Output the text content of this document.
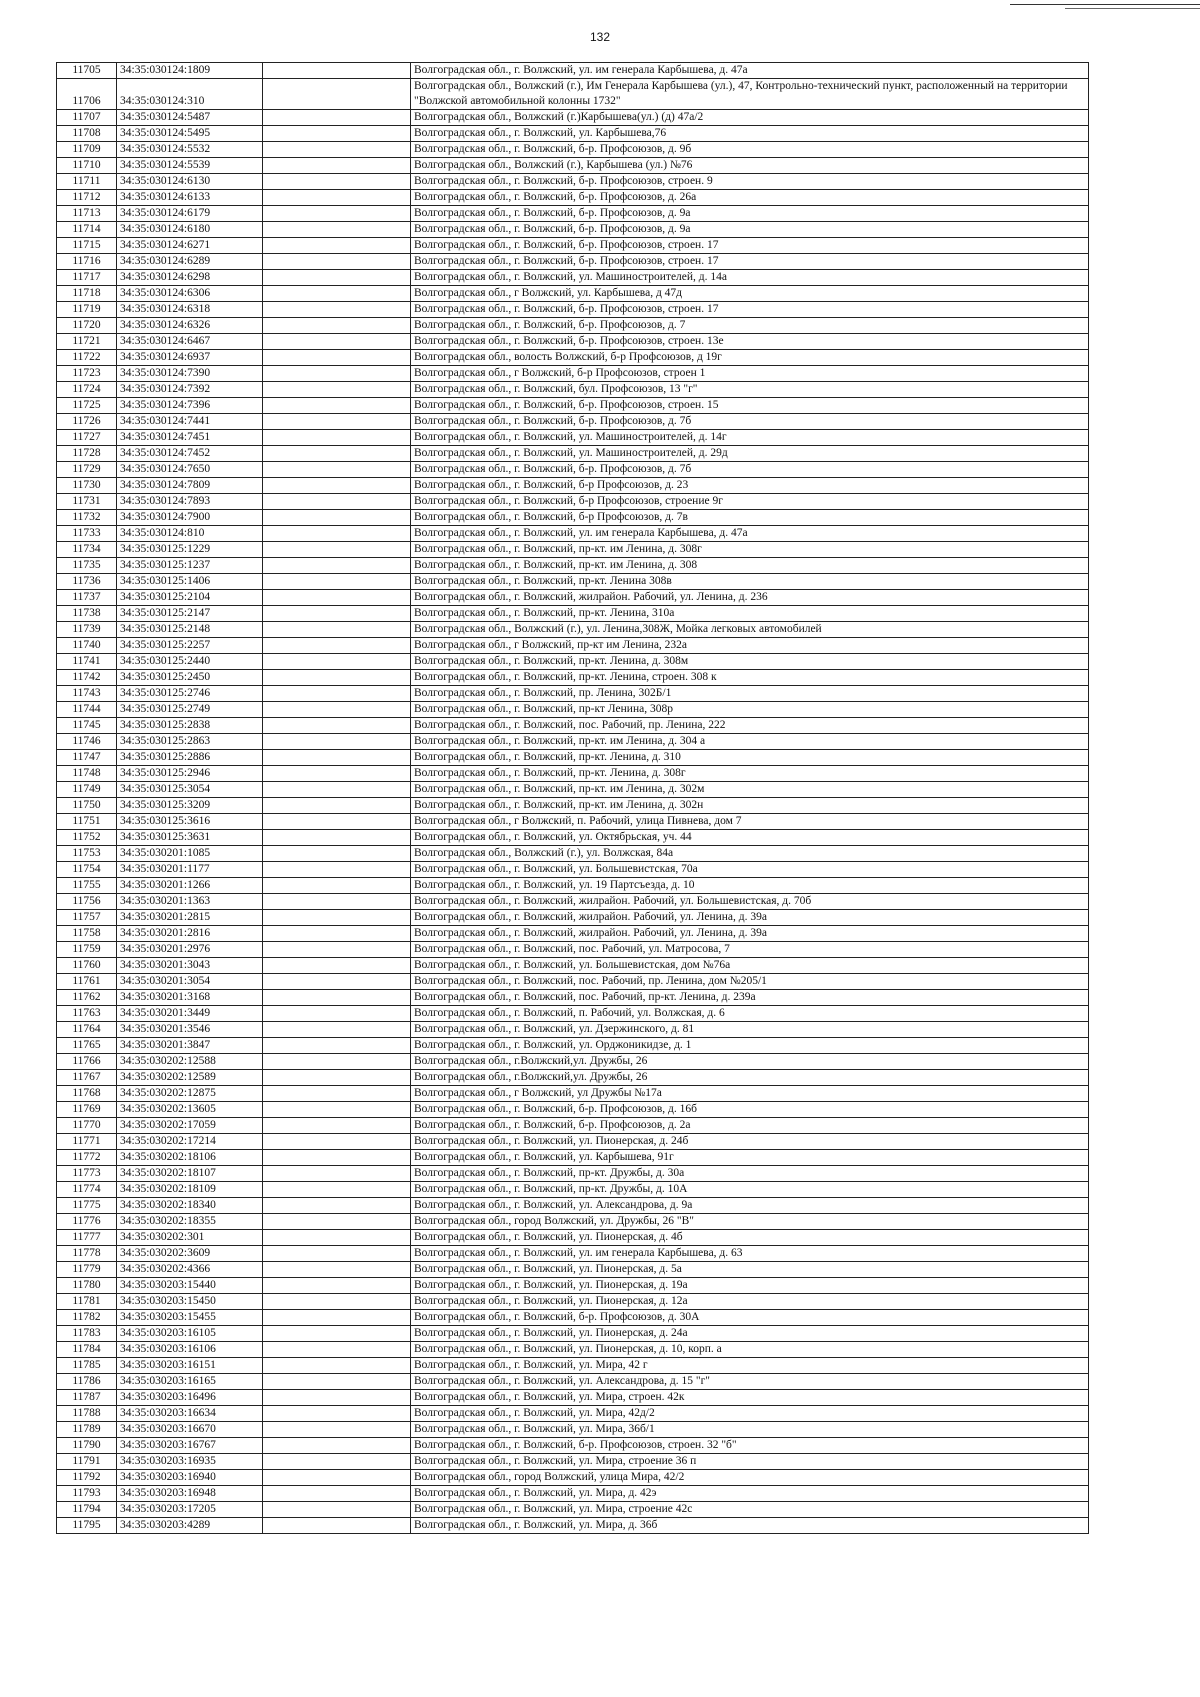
132
11705	34:35:030124:1809		Волгоградская обл., г. Волжский, ул. им генерала Карбышева, д. 47а
11706	34:35:030124:310		Волгоградская обл., Волжский (г.), Им Генерала Карбышева (ул.), 47, Контрольно-технический пункт, расположенный на территории "Волжской автомобильной колонны 1732"
11707	34:35:030124:5487		Волгоградская обл., Волжский (г.)Карбышева(ул.) (д) 47а/2
11708	34:35:030124:5495		Волгоградская обл., г. Волжский, ул. Карбышева,76
11709	34:35:030124:5532		Волгоградская обл., г. Волжский, б-р. Профсоюзов, д. 9б
11710	34:35:030124:5539		Волгоградская обл., Волжский (г.), Карбышева (ул.) №76
11711	34:35:030124:6130		Волгоградская обл., г. Волжский, б-р. Профсоюзов, строен. 9
11712	34:35:030124:6133		Волгоградская обл., г. Волжский, б-р. Профсоюзов, д. 26а
11713	34:35:030124:6179		Волгоградская обл., г. Волжский, б-р. Профсоюзов, д. 9а
11714	34:35:030124:6180		Волгоградская обл., г. Волжский, б-р. Профсоюзов, д. 9а
11715	34:35:030124:6271		Волгоградская обл., г. Волжский, б-р. Профсоюзов, строен. 17
11716	34:35:030124:6289		Волгоградская обл., г. Волжский, б-р. Профсоюзов, строен. 17
11717	34:35:030124:6298		Волгоградская обл., г. Волжский, ул. Машиностроителей, д. 14а
11718	34:35:030124:6306		Волгоградская обл., г Волжский, ул. Карбышева, д 47д
11719	34:35:030124:6318		Волгоградская обл., г. Волжский, б-р. Профсоюзов, строен. 17
11720	34:35:030124:6326		Волгоградская обл., г. Волжский, б-р. Профсоюзов, д. 7
11721	34:35:030124:6467		Волгоградская обл., г. Волжский, б-р. Профсоюзов, строен. 13е
11722	34:35:030124:6937		Волгоградская обл., волость Волжский, б-р Профсоюзов, д 19г
11723	34:35:030124:7390		Волгоградская обл., г Волжский, б-р Профсоюзов, строен 1
11724	34:35:030124:7392		Волгоградская обл., г. Волжский, бул. Профсоюзов, 13 "г"
11725	34:35:030124:7396		Волгоградская обл., г. Волжский, б-р. Профсоюзов, строен. 15
11726	34:35:030124:7441		Волгоградская обл., г. Волжский, б-р. Профсоюзов, д. 7б
11727	34:35:030124:7451		Волгоградская обл., г. Волжский, ул. Машиностроителей, д. 14г
11728	34:35:030124:7452		Волгоградская обл., г. Волжский, ул. Машиностроителей, д. 29д
11729	34:35:030124:7650		Волгоградская обл., г. Волжский, б-р. Профсоюзов, д. 7б
11730	34:35:030124:7809		Волгоградская обл., г. Волжский, б-р Профсоюзов, д. 23
11731	34:35:030124:7893		Волгоградская обл., г. Волжский, б-р Профсоюзов, строение 9г
11732	34:35:030124:7900		Волгоградская обл., г. Волжский, б-р Профсоюзов, д. 7в
11733	34:35:030124:810		Волгоградская обл., г. Волжский, ул. им генерала Карбышева, д. 47а
11734	34:35:030125:1229		Волгоградская обл., г. Волжский, пр-кт. им Ленина, д. 308г
11735	34:35:030125:1237		Волгоградская обл., г. Волжский, пр-кт. им Ленина, д. 308
11736	34:35:030125:1406		Волгоградская обл., г. Волжский, пр-кт. Ленина 308в
11737	34:35:030125:2104		Волгоградская обл., г. Волжский, жилрайон. Рабочий, ул. Ленина, д. 236
11738	34:35:030125:2147		Волгоградская обл., г. Волжский, пр-кт. Ленина, 310а
11739	34:35:030125:2148		Волгоградская обл., Волжский (г.), ул. Ленина,308Ж, Мойка легковых автомобилей
11740	34:35:030125:2257		Волгоградская обл., г Волжский, пр-кт им Ленина, 232а
11741	34:35:030125:2440		Волгоградская обл., г. Волжский, пр-кт. Ленина, д. 308м
11742	34:35:030125:2450		Волгоградская обл., г. Волжский, пр-кт. Ленина, строен. 308 к
11743	34:35:030125:2746		Волгоградская обл., г. Волжский, пр. Ленина, 302Б/1
11744	34:35:030125:2749		Волгоградская обл., г. Волжский, пр-кт Ленина, 308р
11745	34:35:030125:2838		Волгоградская обл., г. Волжский, пос. Рабочий, пр. Ленина, 222
11746	34:35:030125:2863		Волгоградская обл., г. Волжский, пр-кт. им Ленина, д. 304 а
11747	34:35:030125:2886		Волгоградская обл., г. Волжский, пр-кт. Ленина, д. 310
11748	34:35:030125:2946		Волгоградская обл., г. Волжский, пр-кт. Ленина, д. 308г
11749	34:35:030125:3054		Волгоградская обл., г. Волжский, пр-кт. им Ленина, д. 302м
11750	34:35:030125:3209		Волгоградская обл., г. Волжский, пр-кт. им Ленина, д. 302н
11751	34:35:030125:3616		Волгоградская обл., г Волжский, п. Рабочий, улица Пивнева, дом 7
11752	34:35:030125:3631		Волгоградская обл., г. Волжский, ул. Октябрьская, уч. 44
11753	34:35:030201:1085		Волгоградская обл., Волжский (г.), ул. Волжская, 84а
11754	34:35:030201:1177		Волгоградская обл., г. Волжский, ул. Большевистская, 70а
11755	34:35:030201:1266		Волгоградская обл., г. Волжский, ул. 19 Партсъезда, д. 10
11756	34:35:030201:1363		Волгоградская обл., г. Волжский, жилрайон. Рабочий, ул. Большевистская, д. 70б
11757	34:35:030201:2815		Волгоградская обл., г. Волжский, жилрайон. Рабочий, ул. Ленина, д. 39а
11758	34:35:030201:2816		Волгоградская обл., г. Волжский, жилрайон. Рабочий, ул. Ленина, д. 39а
11759	34:35:030201:2976		Волгоградская обл., г. Волжский, пос. Рабочий, ул. Матросова, 7
11760	34:35:030201:3043		Волгоградская обл., г. Волжский, ул. Большевистская, дом №76а
11761	34:35:030201:3054		Волгоградская обл., г. Волжский, пос. Рабочий, пр. Ленина, дом №205/1
11762	34:35:030201:3168		Волгоградская обл., г. Волжский, пос. Рабочий, пр-кт. Ленина, д. 239а
11763	34:35:030201:3449		Волгоградская обл., г. Волжский, п. Рабочий, ул. Волжская, д. 6
11764	34:35:030201:3546		Волгоградская обл., г. Волжский, ул. Дзержинского, д. 81
11765	34:35:030201:3847		Волгоградская обл., г. Волжский, ул. Орджоникидзе, д. 1
11766	34:35:030202:12588		Волгоградская обл., г.Волжский,ул. Дружбы, 26
11767	34:35:030202:12589		Волгоградская обл., г.Волжский,ул. Дружбы, 26
11768	34:35:030202:12875		Волгоградская обл., г Волжский, ул Дружбы №17а
11769	34:35:030202:13605		Волгоградская обл., г. Волжский, б-р. Профсоюзов, д. 16б
11770	34:35:030202:17059		Волгоградская обл., г. Волжский, б-р. Профсоюзов, д. 2а
11771	34:35:030202:17214		Волгоградская обл., г. Волжский, ул. Пионерская, д. 24б
11772	34:35:030202:18106		Волгоградская обл., г. Волжский, ул. Карбышева, 91г
11773	34:35:030202:18107		Волгоградская обл., г. Волжский, пр-кт. Дружбы, д. 30а
11774	34:35:030202:18109		Волгоградская обл., г. Волжский, пр-кт. Дружбы, д. 10А
11775	34:35:030202:18340		Волгоградская обл., г. Волжский, ул. Александрова, д. 9а
11776	34:35:030202:18355		Волгоградская обл., город Волжский, ул. Дружбы, 26 "В"
11777	34:35:030202:301		Волгоградская обл., г. Волжский, ул. Пионерская, д. 4б
11778	34:35:030202:3609		Волгоградская обл., г. Волжский, ул. им генерала Карбышева, д. 63
11779	34:35:030202:4366		Волгоградская обл., г. Волжский, ул. Пионерская, д. 5а
11780	34:35:030203:15440		Волгоградская обл., г. Волжский, ул. Пионерская, д. 19а
11781	34:35:030203:15450		Волгоградская обл., г. Волжский, ул. Пионерская, д. 12а
11782	34:35:030203:15455		Волгоградская обл., г. Волжский, б-р. Профсоюзов, д. 30А
11783	34:35:030203:16105		Волгоградская обл., г. Волжский, ул. Пионерская, д. 24а
11784	34:35:030203:16106		Волгоградская обл., г. Волжский, ул. Пионерская, д. 10, корп. а
11785	34:35:030203:16151		Волгоградская обл., г. Волжский, ул. Мира, 42 г
11786	34:35:030203:16165		Волгоградская обл., г. Волжский, ул. Александрова, д. 15 "г"
11787	34:35:030203:16496		Волгоградская обл., г. Волжский, ул. Мира, строен. 42к
11788	34:35:030203:16634		Волгоградская обл., г. Волжский, ул. Мира, 42д/2
11789	34:35:030203:16670		Волгоградская обл., г. Волжский, ул. Мира, 36б/1
11790	34:35:030203:16767		Волгоградская обл., г. Волжский, б-р. Профсоюзов, строен. 32 "б"
11791	34:35:030203:16935		Волгоградская обл., г. Волжский, ул. Мира, строение 36 п
11792	34:35:030203:16940		Волгоградская обл., город Волжский, улица Мира, 42/2
11793	34:35:030203:16948		Волгоградская обл., г. Волжский, ул. Мира, д. 42э
11794	34:35:030203:17205		Волгоградская обл., г. Волжский, ул. Мира, строение 42с
11795	34:35:030203:4289		Волгоградская обл., г. Волжский, ул. Мира, д. 36б
